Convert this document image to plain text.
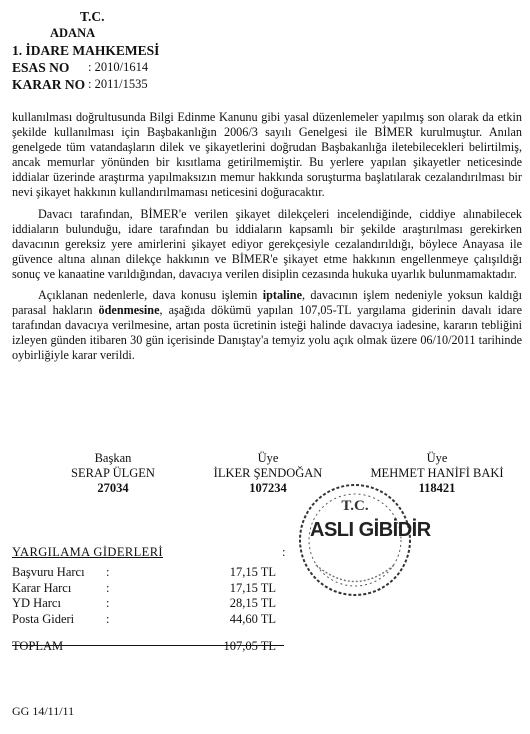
T.C.
ADANA
1. İDARE MAHKEMESİ
ESAS NO	: 2010/1614
KARAR NO : 2011/1535

kullanılması doğrultusunda Bilgi Edinme Kanunu gibi yasal düzenlemeler yapılmış son olarak da etkin şekilde kullanılması için Başbakanlığın 2006/3 sayılı Genelgesi ile BİMER kurulmuştur. Anılan genelgede tüm vatandaşların dilek ve şikayetlerini doğrudan Başbakanlığa iletebilecekleri belirtilmiş, ancak memurlar yönünden bir kısıtlama getirilmemiştir. Bu yerlere yapılan şikayetler neticesinde iddialar üzerinde araştırma yapılmaksızın memur hakkında soruşturma başlatılarak cezalandırılması bir nevi şikayet hakkının kullandırılmaması neticesini doğuracaktır.

Davacı tarafından, BİMER'e verilen şikayet dilekçeleri incelendiğinde, ciddiye alınabilecek iddiaların bulunduğu, idare tarafından bu iddiaların kapsamlı bir şekilde araştırılması gerekirken davacının gereksiz yere amirlerini şikayet ediyor gerekçesiyle cezalandırıldığı, böylece Anayasa ile güvence altına alınan dilekçe hakkının ve BİMER'e şikayet etme hakkının engellenmeye çalışıldığı sonuç ve kanaatine varıldığından, davacıya verilen disiplin cezasında hukuka uyarlık bulunmamaktadır.

Açıklanan nedenlerle, dava konusu işlemin iptaline, davacının işlem nedeniyle yoksun kaldığı parasal hakların ödenmesine, aşağıda dökümü yapılan 107,05-TL yargılama giderinin davalı idare tarafından davacıya verilmesine, artan posta ücretinin isteği halinde davacıya iadesine, kararın tebliğini izleyen günden itibaren 30 gün içerisinde Danıştay'a temyiz yolu açık olmak üzere 06/10/2011 tarihinde oybirliğiyle karar verildi.

Başkan
SERAP ÜLGEN
27034
Üye
İLKER ŞENDOĞAN
107234
Üye
MEHMET HANİFİ BAKİ
118421
T.C.
ASLI GİBİDİR
YARGILAMA GİDERLERİ	:
Başvuru Harcı	:	17,15 TL
Karar Harcı	:	17,15 TL
YD Harcı	:	28,15 TL
Posta Gideri	:	44,60 TL
TOPLAM	107,05 TL
GG 14/11/11
